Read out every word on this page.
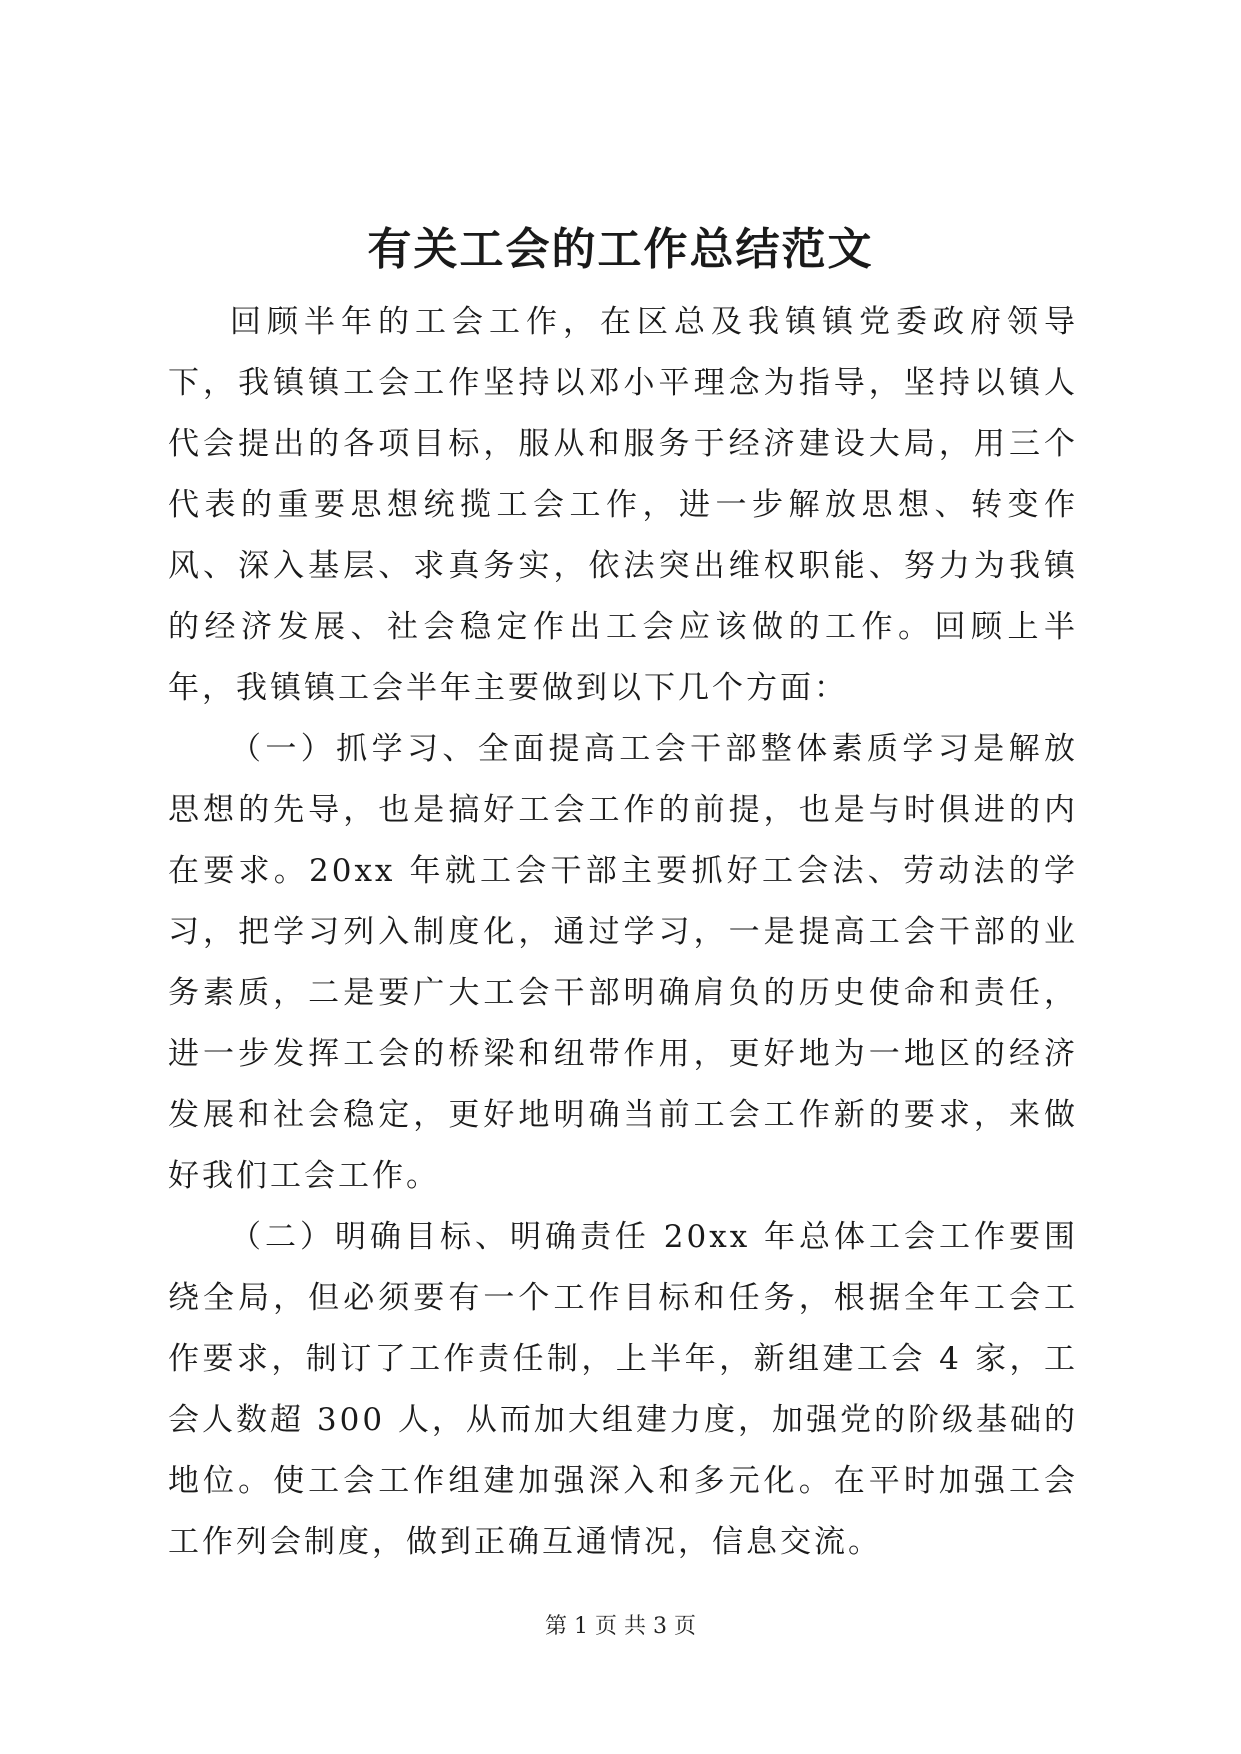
有关工会的工作总结范文

回顾半年的工会工作，在区总及我镇镇党委政府领导下，我镇镇工会工作坚持以邓小平理念为指导，坚持以镇人代会提出的各项目标，服从和服务于经济建设大局，用三个代表的重要思想统揽工会工作，进一步解放思想、转变作风、深入基层、求真务实，依法突出维权职能、努力为我镇的经济发展、社会稳定作出工会应该做的工作。回顾上半年，我镇镇工会半年主要做到以下几个方面：

（一）抓学习、全面提高工会干部整体素质学习是解放思想的先导，也是搞好工会工作的前提，也是与时俱进的内在要求。20xx 年就工会干部主要抓好工会法、劳动法的学习，把学习列入制度化，通过学习，一是提高工会干部的业务素质，二是要广大工会干部明确肩负的历史使命和责任，进一步发挥工会的桥梁和纽带作用，更好地为一地区的经济发展和社会稳定，更好地明确当前工会工作新的要求，来做好我们工会工作。

（二）明确目标、明确责任 20xx 年总体工会工作要围绕全局，但必须要有一个工作目标和任务，根据全年工会工作要求，制订了工作责任制，上半年，新组建工会 4 家，工会人数超 300 人，从而加大组建力度，加强党的阶级基础的地位。使工会工作组建加强深入和多元化。在平时加强工会工作列会制度，做到正确互通情况，信息交流。

第 1 页 共 3 页
